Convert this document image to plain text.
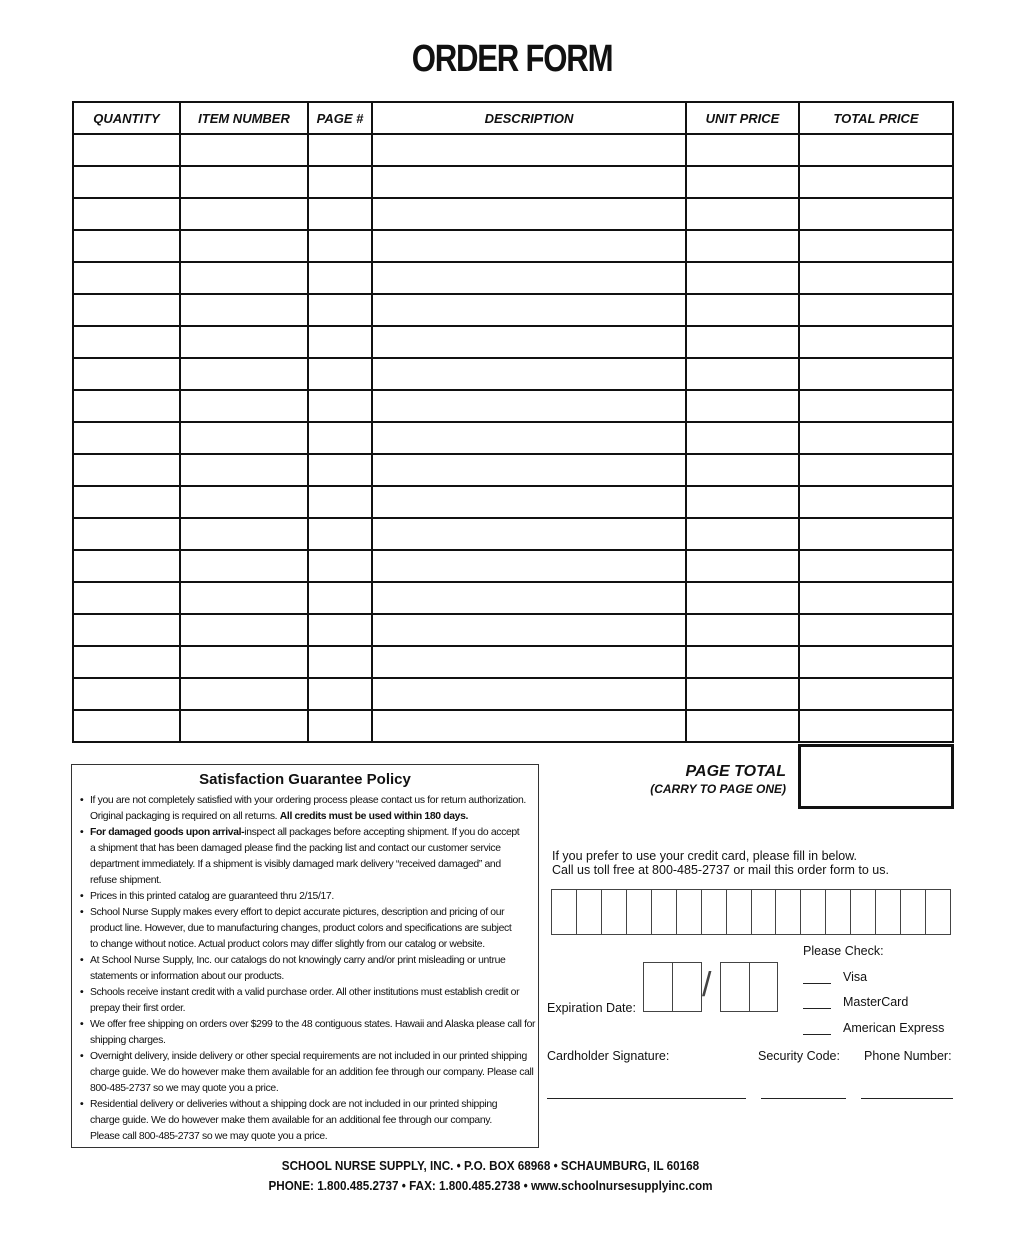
ORDER FORM
QUANTITY	ITEM NUMBER	PAGE #	DESCRIPTION	UNIT PRICE	TOTAL PRICE

PAGE TOTAL
(CARRY TO PAGE ONE)
Satisfaction Guarantee Policy
• If you are not completely satisfied with your ordering process please contact us for return authorization.
Original packaging is required on all returns. All credits must be used within 180 days.
• For damaged goods upon arrival-inspect all packages before accepting shipment. If you do accept
a shipment that has been damaged please find the packing list and contact our customer service
department immediately. If a shipment is visibly damaged mark delivery “received damaged” and
refuse shipment.
• Prices in this printed catalog are guaranteed thru 2/15/17.
• School Nurse Supply makes every effort to depict accurate pictures, description and pricing of our
product line. However, due to manufacturing changes, product colors and specifications are subject
to change without notice. Actual product colors may differ slightly from our catalog or website.
• At School Nurse Supply, Inc. our catalogs do not knowingly carry and/or print misleading or untrue
statements or information about our products.
• Schools receive instant credit with a valid purchase order. All other institutions must establish credit or
prepay their first order.
• We offer free shipping on orders over $299 to the 48 contiguous states. Hawaii and Alaska please call for
shipping charges.
• Overnight delivery, inside delivery or other special requirements are not included in our printed shipping
charge guide. We do however make them available for an addition fee through our company. Please call
800-485-2737 so we may quote you a price.
• Residential delivery or deliveries without a shipping dock are not included in our printed shipping
charge guide. We do however make them available for an additional fee through our company.
Please call 800-485-2737 so we may quote you a price.
If you prefer to use your credit card, please fill in below.
Call us toll free at 800-485-2737 or mail this order form to us.
Expiration Date:
/
Please Check:
Visa
MasterCard
American Express
Cardholder Signature:	Security Code: Phone Number:
SCHOOL NURSE SUPPLY, INC. • P.O. BOX 68968 • SCHAUMBURG, IL 60168
PHONE: 1.800.485.2737 • FAX: 1.800.485.2738 • www.schoolnursesupplyinc.com
